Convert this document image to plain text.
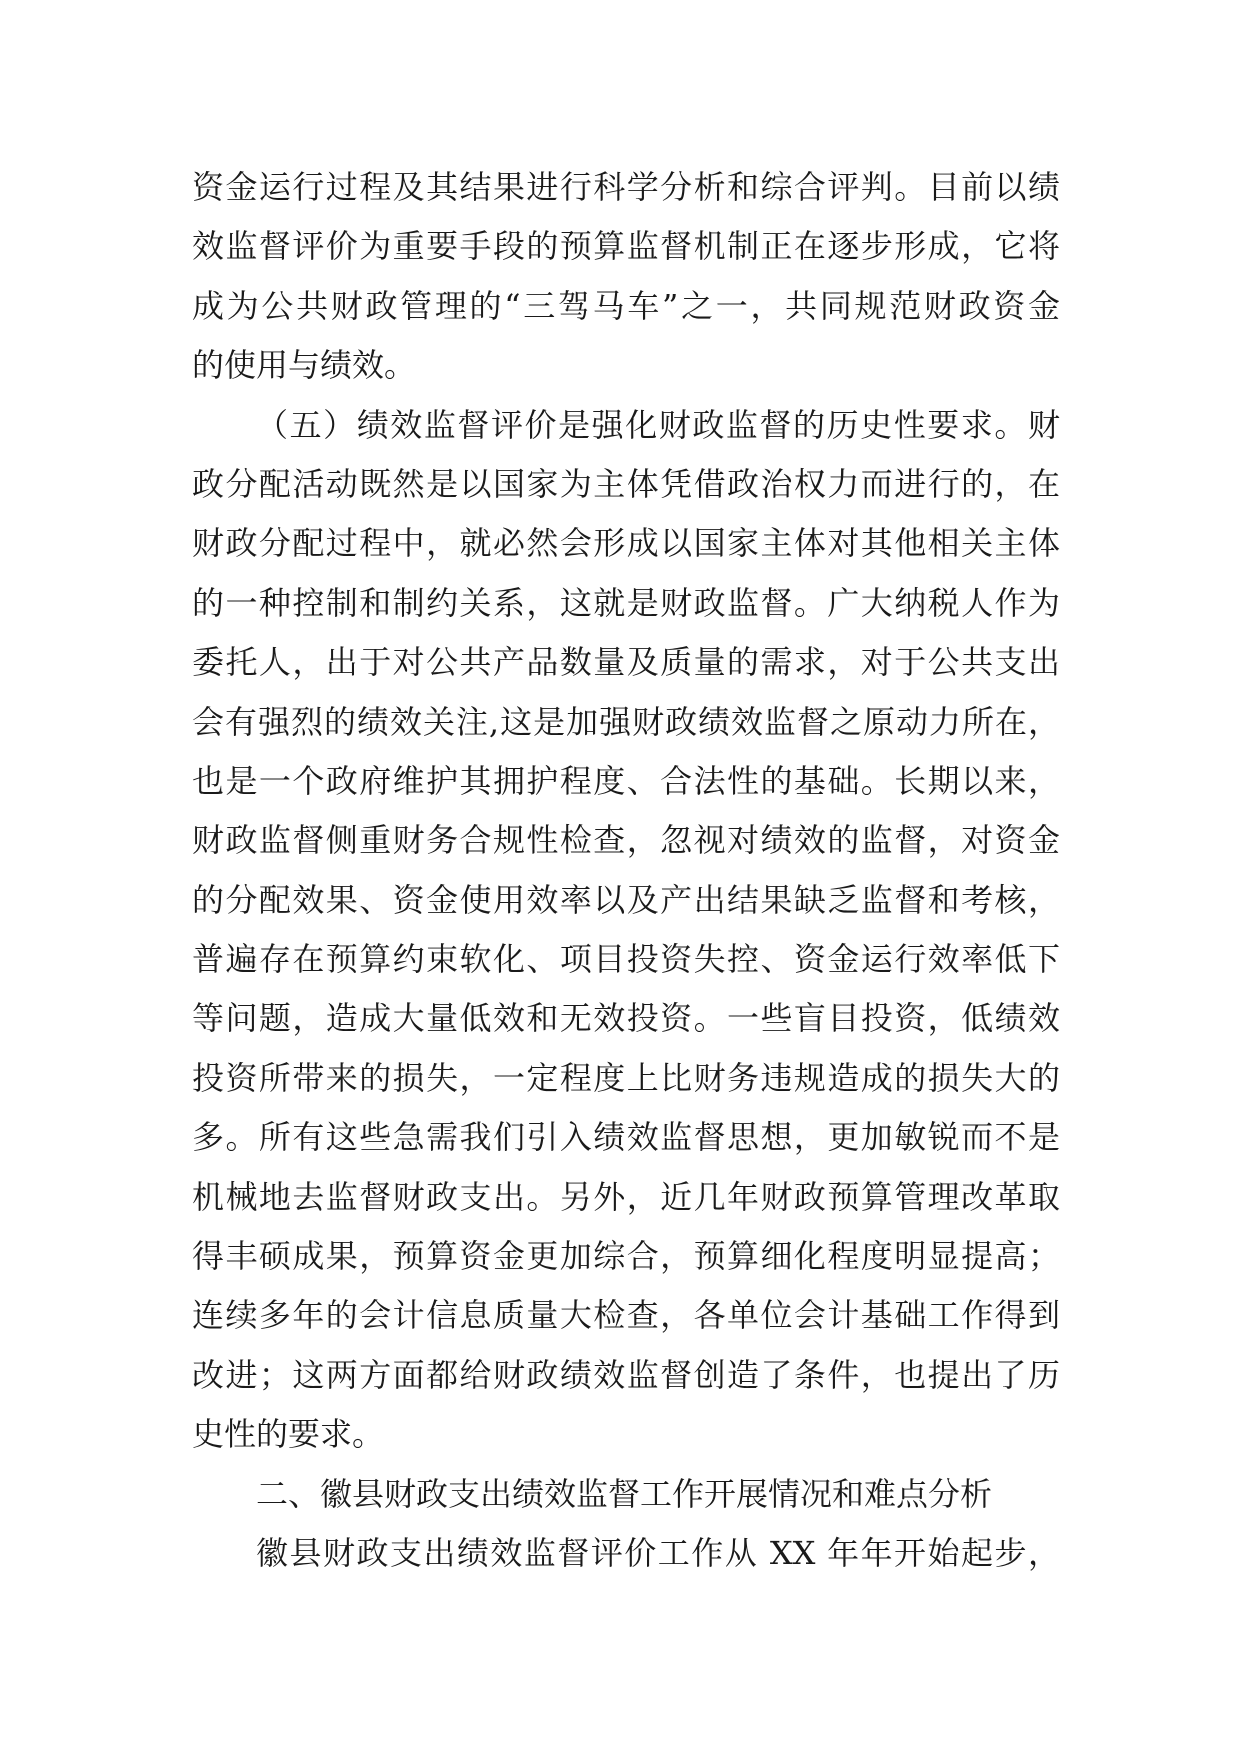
资金运行过程及其结果进行科学分析和综合评判。目前以绩
效监督评价为重要手段的预算监督机制正在逐步形成，它将
成为公共财政管理的“三驾马车”之一，共同规范财政资金
的使用与绩效。
（五）绩效监督评价是强化财政监督的历史性要求。财
政分配活动既然是以国家为主体凭借政治权力而进行的，在
财政分配过程中，就必然会形成以国家主体对其他相关主体
的一种控制和制约关系，这就是财政监督。广大纳税人作为
委托人，出于对公共产品数量及质量的需求，对于公共支出
会有强烈的绩效关注,这是加强财政绩效监督之原动力所在，
也是一个政府维护其拥护程度、合法性的基础。长期以来，
财政监督侧重财务合规性检查，忽视对绩效的监督，对资金
的分配效果、资金使用效率以及产出结果缺乏监督和考核，
普遍存在预算约束软化、项目投资失控、资金运行效率低下
等问题，造成大量低效和无效投资。一些盲目投资，低绩效
投资所带来的损失，一定程度上比财务违规造成的损失大的
多。所有这些急需我们引入绩效监督思想，更加敏锐而不是
机械地去监督财政支出。另外，近几年财政预算管理改革取
得丰硕成果，预算资金更加综合，预算细化程度明显提高；
连续多年的会计信息质量大检查，各单位会计基础工作得到
改进；这两方面都给财政绩效监督创造了条件，也提出了历
史性的要求。
二、徽县财政支出绩效监督工作开展情况和难点分析
徽县财政支出绩效监督评价工作从 XX 年年开始起步，
